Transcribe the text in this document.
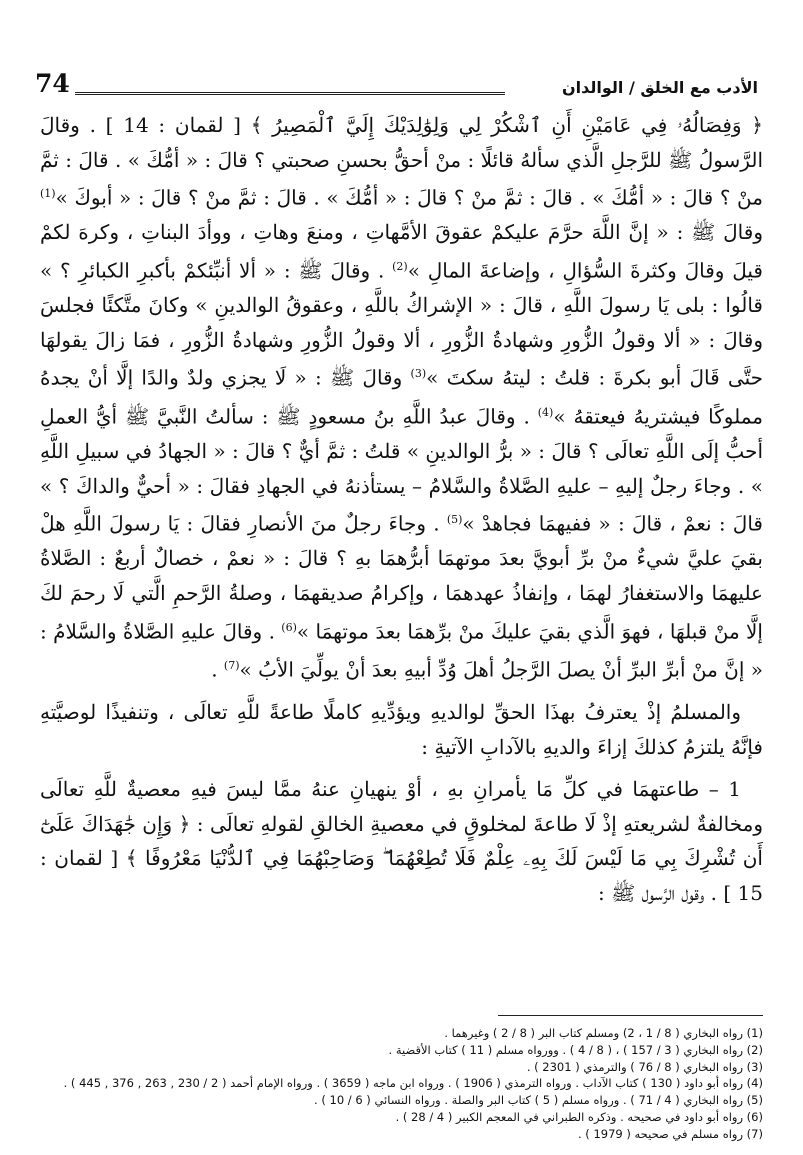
74	الأدب مع الخلق / الوالدان

﴿ وَفِصَالُهُۥ فِي عَامَيْنِ أَنِ ٱشْكُرْ لِي وَلِوَٰلِدَيْكَ إِلَيَّ ٱلْمَصِيرُ ﴾ [ لقمان : 14 ] . وقالَ الرَّسولُ ﷺ للرَّجلِ الَّذي سألهُ قائلًا : منْ أحقُّ بحسنِ صحبتي ؟ قالَ : « أمُّكَ » . قالَ : ثمَّ منْ ؟ قالَ : « أمُّكَ » . قالَ : ثمَّ منْ ؟ قالَ : « أمُّكَ » . قالَ : ثمَّ منْ ؟ قالَ : « أبوكَ »$^{(1)}$ وقالَ ﷺ : « إنَّ اللَّهَ حرَّمَ عليكمْ عقوقَ الأمَّهاتِ ، ومنعَ وهاتِ ، ووأدَ البناتِ ، وكرهَ لكمْ قيلَ وقالَ وكثرةَ السُّؤالِ ، وإضاعةَ المالِ »$^{(2)}$ . وقالَ ﷺ : « ألا أنبِّئكمْ بأكبرِ الكبائرِ ؟ » قالُوا : بلى يَا رسولَ اللَّهِ ، قالَ : « الإشراكُ باللَّهِ ، وعقوقُ الوالدينِ » وكانَ متَّكئًا فجلسَ وقالَ : « ألا وقولُ الزُّورِ وشهادةُ الزُّورِ ، ألا وقولُ الزُّورِ وشهادةُ الزُّورِ ، فمَا زالَ يقولهَا حتَّى قَالَ أبو بكرةَ : قلتُ : ليتهُ سكتَ »$^{(3)}$ وقالَ ﷺ : « لَا يجزي ولدٌ والدًا إلَّا أنْ يجدهُ مملوكًا فيشتريهُ فيعتقهُ »$^{(4)}$ . وقالَ عبدُ اللَّهِ بنُ مسعودٍ ﷺ : سألتُ النَّبيَّ ﷺ أيُّ العملِ أحبُّ إلَى اللَّهِ تعالَى ؟ قالَ : « برُّ الوالدينِ » قلتُ : ثمَّ أيٌّ ؟ قالَ : « الجهادُ في سبيلِ اللَّهِ » . وجاءَ رجلٌ إليهِ – عليهِ الصَّلاةُ والسَّلامُ – يستأذنهُ في الجهادِ فقالَ : « أحيٌّ والداكَ ؟ » قالَ : نعمْ ، قالَ : « ففيهمَا فجاهدْ »$^{(5)}$ . وجاءَ رجلٌ منَ الأنصارِ فقالَ : يَا رسولَ اللَّهِ هلْ بقيَ عليَّ شيءٌ منْ برِّ أبويَّ بعدَ موتهمَا أبرُّهمَا بهِ ؟ قالَ : « نعمْ ، خصالٌ أربعٌ : الصَّلاةُ عليهمَا والاستغفارُ لهمَا ، وإنفاذُ عهدهمَا ، وإكرامُ صديقهمَا ، وصلةُ الرَّحمِ الَّتي لَا رحمَ لكَ إلَّا منْ قبلهَا ، فهوَ الَّذي بقيَ عليكَ منْ برِّهمَا بعدَ موتهمَا »$^{(6)}$ . وقالَ عليهِ الصَّلاةُ والسَّلامُ : « إنَّ منْ أبرِّ البرِّ أنْ يصلَ الرَّجلُ أهلَ وُدِّ أبيهِ بعدَ أنْ يولِّيَ الأبُ »$^{(7)}$ .

والمسلمُ إذْ يعترفُ بهذَا الحقِّ لوالديهِ ويؤدِّيهِ كاملًا طاعةً للَّهِ تعالَى ، وتنفيذًا لوصيَّتهِ فإنَّهُ يلتزمُ كذلكَ إزاءَ والديهِ بالآدابِ الآتيةِ :

1 – طاعتهمَا في كلِّ مَا يأمرانِ بهِ ، أوْ ينهيانِ عنهُ ممَّا ليسَ فيهِ معصيةٌ للَّهِ تعالَى ومخالفةٌ لشريعتهِ إذْ لَا طاعةَ لمخلوقٍ في معصيةِ الخالقِ لقولهِ تعالَى : ﴿ وَإِن جَٰهَدَاكَ عَلَىٰٓ أَن تُشْرِكَ بِي مَا لَيْسَ لَكَ بِهِۦ عِلْمٌ فَلَا تُطِعْهُمَا ۖ وَصَاحِبْهُمَا فِي ٱلدُّنْيَا مَعْرُوفًا ﴾ [ لقمان : 15 ] . وقول الرَّسول ﷺ :

(1) رواه البخاري ( 8 / 1 ، 2) ومسلم كتاب البر ( 8 / 2 ) وغيرهما .
(2) رواه البخاري ( 3 / 157 ) ، ( 8 / 4 ) . وورواه مسلم ( 11 ) كتاب الأقضية .
(3) رواه البخاري ( 8 / 76 ) والترمذي ( 2301 ) .
(4) رواه أبو داود ( 130 ) كتاب الآداب . ورواه الترمذي ( 1906 ) . ورواه ابن ماجه ( 3659 ) . ورواه الإمام أحمد ( 2 / 230 , 263 , 376 , 445 ) .
(5) رواه البخاري ( 4 / 71 ) . ورواه مسلم ( 5 ) كتاب البر والصلة . ورواه النسائي ( 6 / 10 ) .
(6) رواه أبو داود في صحيحه . وذكره الطبراني في المعجم الكبير ( 4 / 28 ) .
(7) رواه مسلم في صحيحه ( 1979 ) .
